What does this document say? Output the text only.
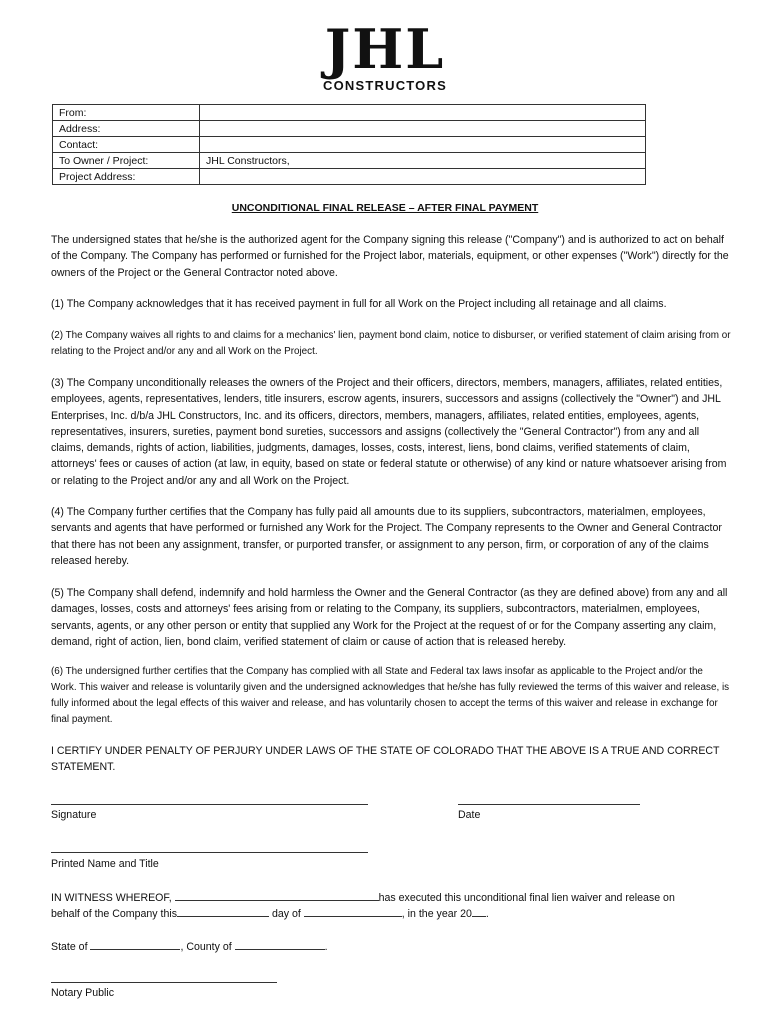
JHL
CONSTRUCTORS
From:	
Address:	
Contact:	
To Owner / Project:	JHL Constructors,
Project Address:	
UNCONDITIONAL FINAL RELEASE – AFTER FINAL PAYMENT

The undersigned states that he/she is the authorized agent for the Company signing this release ("Company") and is authorized to act on behalf of the Company. The Company has performed or furnished for the Project labor, materials, equipment, or other expenses ("Work") directly for the owners of the Project or the General Contractor noted above.

(1) The Company acknowledges that it has received payment in full for all Work on the Project including all retainage and all claims.

(2) The Company waives all rights to and claims for a mechanics' lien, payment bond claim, notice to disburser, or verified statement of claim arising from or relating to the Project and/or any and all Work on the Project.

(3) The Company unconditionally releases the owners of the Project and their officers, directors, members, managers, affiliates, related entities, employees, agents, representatives, lenders, title insurers, escrow agents, insurers, successors and assigns (collectively the "Owner") and JHL Enterprises, Inc. d/b/a JHL Constructors, Inc. and its officers, directors, members, managers, affiliates, related entities, employees, agents, representatives, insurers, sureties, payment bond sureties, successors and assigns (collectively the "General Contractor") from any and all claims, demands, rights of action, liabilities, judgments, damages, losses, costs, interest, liens, bond claims, verified statements of claim, attorneys' fees or causes of action (at law, in equity, based on state or federal statute or otherwise) of any kind or nature whatsoever arising from or relating to the Project and/or any and all Work on the Project.

(4) The Company further certifies that the Company has fully paid all amounts due to its suppliers, subcontractors, materialmen, employees, servants and agents that have performed or furnished any Work for the Project. The Company represents to the Owner and General Contractor that there has not been any assignment, transfer, or purported transfer, or assignment to any person, firm, or corporation of any of the claims released hereby.

(5) The Company shall defend, indemnify and hold harmless the Owner and the General Contractor (as they are defined above) from any and all damages, losses, costs and attorneys' fees arising from or relating to the Company, its suppliers, subcontractors, materialmen, employees, servants, agents, or any other person or entity that supplied any Work for the Project at the request of or for the Company asserting any claim, demand, right of action, lien, bond claim, verified statement of claim or cause of action that is released hereby.

(6) The undersigned further certifies that the Company has complied with all State and Federal tax laws insofar as applicable to the Project and/or the Work. This waiver and release is voluntarily given and the undersigned acknowledges that he/she has fully reviewed the terms of this waiver and release, is fully informed about the legal effects of this waiver and release, and has voluntarily chosen to accept the terms of this waiver and release in exchange for final payment.

I CERTIFY UNDER PENALTY OF PERJURY UNDER LAWS OF THE STATE OF COLORADO THAT THE ABOVE IS A TRUE AND CORRECT STATEMENT.

Signature	Date
Printed Name and Title
IN WITNESS WHEREOF,	has executed this unconditional final lien waiver and release on
behalf of the Company this	day of	, in the year 20 .
State of	, County of	.
Notary Public
